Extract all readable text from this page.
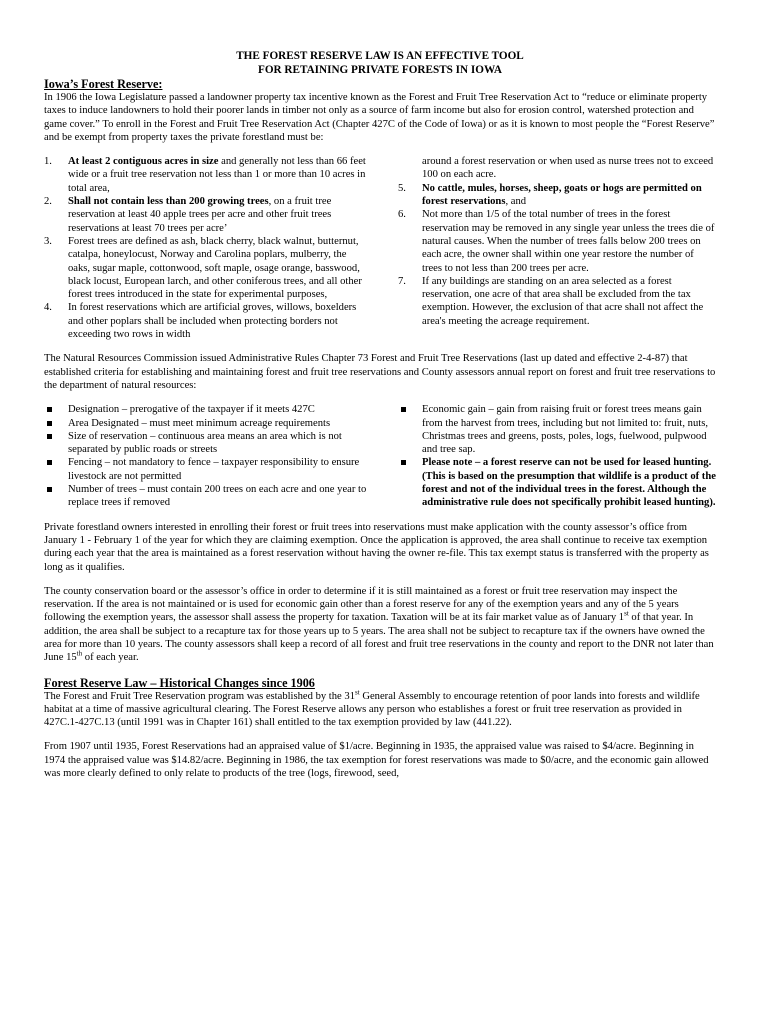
THE FOREST RESERVE LAW IS AN EFFECTIVE TOOL

FOR RETAINING PRIVATE FORESTS IN IOWA

Iowa’s Forest Reserve:

In 1906 the Iowa Legislature passed a landowner property tax incentive known as the Forest and Fruit Tree Reservation Act to “reduce or eliminate property taxes to induce landowners to hold their poorer lands in timber not only as a source of farm income but also for erosion control, watershed protection and game cover.” To enroll in the Forest and Fruit Tree Reservation Act (Chapter 427C of the Code of Iowa) or as it is known to most people the “Forest Reserve” and be exempt from property taxes the private forestland must be:

1. At least 2 contiguous acres in size and generally not less than 66 feet wide or a fruit tree reservation not less than 1 or more than 10 acres in total area,
2. Shall not contain less than 200 growing trees, on a fruit tree reservation at least 40 apple trees per acre and other fruit trees reservations at least 70 trees per acre’
3. Forest trees are defined as ash, black cherry, black walnut, butternut, catalpa, honeylocust, Norway and Carolina poplars, mulberry, the oaks, sugar maple, cottonwood, soft maple, osage orange, basswood, black locust, European larch, and other coniferous trees, and all other forest trees introduced in the state for experimental purposes,
4. In forest reservations which are artificial groves, willows, boxelders and other poplars shall be included when protecting borders not exceeding two rows in width
around a forest reservation or when used as nurse trees not to exceed 100 on each acre.
5. No cattle, mules, horses, sheep, goats or hogs are permitted on forest reservations, and
6. Not more than 1/5 of the total number of trees in the forest reservation may be removed in any single year unless the trees die of natural causes. When the number of trees falls below 200 trees on each acre, the owner shall within one year restore the number of trees to not less than 200 trees per acre.
7. If any buildings are standing on an area selected as a forest reservation, one acre of that area shall be excluded from the tax exemption. However, the exclusion of that acre shall not affect the area's meeting the acreage requirement.

The Natural Resources Commission issued Administrative Rules Chapter 73 Forest and Fruit Tree Reservations (last up dated and effective 2-4-87) that established criteria for establishing and maintaining forest and fruit tree reservations and County assessors annual report on forest and fruit tree reservations to the department of natural resources:

Designation – prerogative of the taxpayer if it meets 427C
Area Designated – must meet minimum acreage requirements
Size of reservation – continuous area means an area which is not separated by public roads or streets
Fencing – not mandatory to fence – taxpayer responsibility to ensure livestock are not permitted
Number of trees – must contain 200 trees on each acre and one year to replace trees if removed
Economic gain – gain from raising fruit or forest trees means gain from the harvest from trees, including but not limited to: fruit, nuts, Christmas trees and greens, posts, poles, logs, fuelwood, pulpwood and tree sap.
Please note – a forest reserve can not be used for leased hunting. (This is based on the presumption that wildlife is a product of the forest and not of the individual trees in the forest. Although the administrative rule does not specifically prohibit leased hunting).

Private forestland owners interested in enrolling their forest or fruit trees into reservations must make application with the county assessor’s office from January 1 - February 1 of the year for which they are claiming exemption. Once the application is approved, the area shall continue to receive tax exemption during each year that the area is maintained as a forest reservation without having the owner re-file. This tax exempt status is transferred with the property as long as it qualifies.

The county conservation board or the assessor’s office in order to determine if it is still maintained as a forest or fruit tree reservation may inspect the reservation. If the area is not maintained or is used for economic gain other than a forest reserve for any of the exemption years and any of the 5 years following the exemption years, the assessor shall assess the property for taxation. Taxation will be at its fair market value as of January 1st of that year. In addition, the area shall be subject to a recapture tax for those years up to 5 years. The area shall not be subject to recapture tax if the owners have owned the area for more than 10 years. The county assessors shall keep a record of all forest and fruit tree reservations in the county and report to the DNR not later than June 15th of each year.

Forest Reserve Law – Historical Changes since 1906

The Forest and Fruit Tree Reservation program was established by the 31st General Assembly to encourage retention of poor lands into forests and wildlife habitat at a time of massive agricultural clearing. The Forest Reserve allows any person who establishes a forest or fruit tree reservation as provided in 427C.1-427C.13 (until 1991 was in Chapter 161) shall entitled to the tax exemption provided by law (441.22).

From 1907 until 1935, Forest Reservations had an appraised value of $1/acre. Beginning in 1935, the appraised value was raised to $4/acre. Beginning in 1974 the appraised value was $14.82/acre. Beginning in 1986, the tax exemption for forest reservations was made to $0/acre, and the economic gain allowed was more clearly defined to only relate to products of the tree (logs, firewood, seed,
